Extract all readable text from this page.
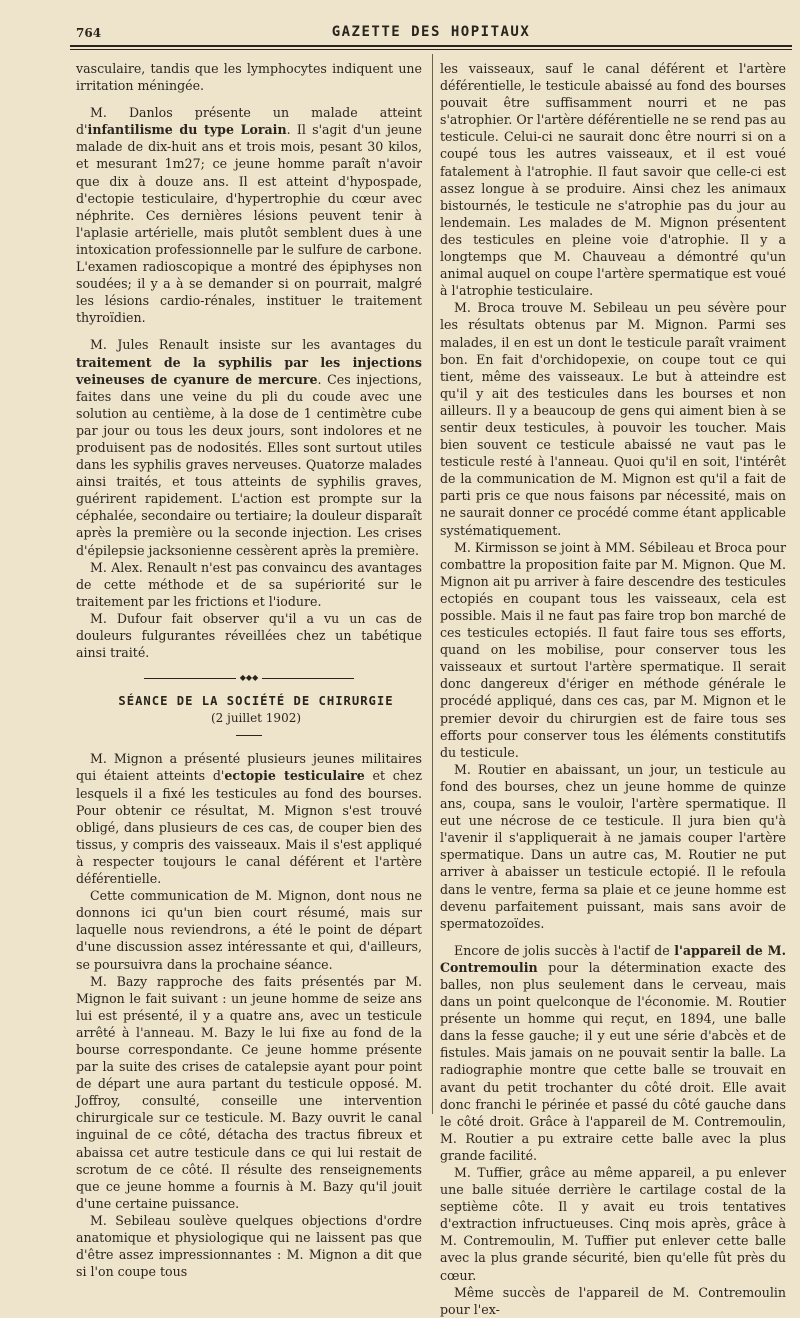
764	GAZETTE DES HOPITAUX

vasculaire, tandis que les lymphocytes indiquent une irritation méningée.

M. Danlos présente un malade atteint d'infantilisme du type Lorain. Il s'agit d'un jeune malade de dix-huit ans et trois mois, pesant 30 kilos, et mesurant 1m27; ce jeune homme paraît n'avoir que dix à douze ans. Il est atteint d'hypospade, d'ectopie testiculaire, d'hypertrophie du cœur avec néphrite. Ces dernières lésions peuvent tenir à l'aplasie artérielle, mais plutôt semblent dues à une intoxication professionnelle par le sulfure de carbone. L'examen radioscopique a montré des épiphyses non soudées; il y a à se demander si on pourrait, malgré les lésions cardio-rénales, instituer le traitement thyroïdien.

M. Jules Renault insiste sur les avantages du traitement de la syphilis par les injections veineuses de cyanure de mercure. Ces injections, faites dans une veine du pli du coude avec une solution au centième, à la dose de 1 centimètre cube par jour ou tous les deux jours, sont indolores et ne produisent pas de nodosités. Elles sont surtout utiles dans les syphilis graves nerveuses. Quatorze malades ainsi traités, et tous atteints de syphilis graves, guérirent rapidement. L'action est prompte sur la céphalée, secondaire ou tertiaire; la douleur disparaît après la première ou la seconde injection. Les crises d'épilepsie jacksonienne cessèrent après la première.

M. Alex. Renault n'est pas convaincu des avantages de cette méthode et de sa supériorité sur le traitement par les frictions et l'iodure.

M. Dufour fait observer qu'il a vu un cas de douleurs fulgurantes réveillées chez un tabétique ainsi traité.

◆◆◆

SÉANCE DE LA SOCIÉTÉ DE CHIRURGIE

(2 juillet 1902)

M. Mignon a présenté plusieurs jeunes militaires qui étaient atteints d'ectopie testiculaire et chez lesquels il a fixé les testicules au fond des bourses. Pour obtenir ce résultat, M. Mignon s'est trouvé obligé, dans plusieurs de ces cas, de couper bien des tissus, y compris des vaisseaux. Mais il s'est appliqué à respecter toujours le canal déférent et l'artère déférentielle.

Cette communication de M. Mignon, dont nous ne donnons ici qu'un bien court résumé, mais sur laquelle nous reviendrons, a été le point de départ d'une discussion assez intéressante et qui, d'ailleurs, se poursuivra dans la prochaine séance.

M. Bazy rapproche des faits présentés par M. Mignon le fait suivant : un jeune homme de seize ans lui est présenté, il y a quatre ans, avec un testicule arrêté à l'anneau. M. Bazy le lui fixe au fond de la bourse correspondante. Ce jeune homme présente par la suite des crises de catalepsie ayant pour point de départ une aura partant du testicule opposé. M. Joffroy, consulté, conseille une intervention chirurgicale sur ce testicule. M. Bazy ouvrit le canal inguinal de ce côté, détacha des tractus fibreux et abaissa cet autre testicule dans ce qui lui restait de scrotum de ce côté. Il résulte des renseignements que ce jeune homme a fournis à M. Bazy qu'il jouit d'une certaine puissance.

M. Sebileau soulève quelques objections d'ordre anatomique et physiologique qui ne laissent pas que d'être assez impressionnantes : M. Mignon a dit que si l'on coupe tous

les vaisseaux, sauf le canal déférent et l'artère déférentielle, le testicule abaissé au fond des bourses pouvait être suffisamment nourri et ne pas s'atrophier. Or l'artère déférentielle ne se rend pas au testicule. Celui-ci ne saurait donc être nourri si on a coupé tous les autres vaisseaux, et il est voué fatalement à l'atrophie. Il faut savoir que celle-ci est assez longue à se produire. Ainsi chez les animaux bistournés, le testicule ne s'atrophie pas du jour au lendemain. Les malades de M. Mignon présentent des testicules en pleine voie d'atrophie. Il y a longtemps que M. Chauveau a démontré qu'un animal auquel on coupe l'artère spermatique est voué à l'atrophie testiculaire.

M. Broca trouve M. Sebileau un peu sévère pour les résultats obtenus par M. Mignon. Parmi ses malades, il en est un dont le testicule paraît vraiment bon. En fait d'orchidopexie, on coupe tout ce qui tient, même des vaisseaux. Le but à atteindre est qu'il y ait des testicules dans les bourses et non ailleurs. Il y a beaucoup de gens qui aiment bien à se sentir deux testicules, à pouvoir les toucher. Mais bien souvent ce testicule abaissé ne vaut pas le testicule resté à l'anneau. Quoi qu'il en soit, l'intérêt de la communication de M. Mignon est qu'il a fait de parti pris ce que nous faisons par nécessité, mais on ne saurait donner ce procédé comme étant applicable systématiquement.

M. Kirmisson se joint à MM. Sébileau et Broca pour combattre la proposition faite par M. Mignon. Que M. Mignon ait pu arriver à faire descendre des testicules ectopiés en coupant tous les vaisseaux, cela est possible. Mais il ne faut pas faire trop bon marché de ces testicules ectopiés. Il faut faire tous ses efforts, quand on les mobilise, pour conserver tous les vaisseaux et surtout l'artère spermatique. Il serait donc dangereux d'ériger en méthode générale le procédé appliqué, dans ces cas, par M. Mignon et le premier devoir du chirurgien est de faire tous ses efforts pour conserver tous les éléments constitutifs du testicule.

M. Routier en abaissant, un jour, un testicule au fond des bourses, chez un jeune homme de quinze ans, coupa, sans le vouloir, l'artère spermatique. Il eut une nécrose de ce testicule. Il jura bien qu'à l'avenir il s'appliquerait à ne jamais couper l'artère spermatique. Dans un autre cas, M. Routier ne put arriver à abaisser un testicule ectopié. Il le refoula dans le ventre, ferma sa plaie et ce jeune homme est devenu parfaitement puissant, mais sans avoir de spermatozoïdes.

Encore de jolis succès à l'actif de l'appareil de M. Contremoulin pour la détermination exacte des balles, non plus seulement dans le cerveau, mais dans un point quelconque de l'économie. M. Routier présente un homme qui reçut, en 1894, une balle dans la fesse gauche; il y eut une série d'abcès et de fistules. Mais jamais on ne pouvait sentir la balle. La radiographie montre que cette balle se trouvait en avant du petit trochanter du côté droit. Elle avait donc franchi le périnée et passé du côté gauche dans le côté droit. Grâce à l'appareil de M. Contremoulin, M. Routier a pu extraire cette balle avec la plus grande facilité.

M. Tuffier, grâce au même appareil, a pu enlever une balle située derrière le cartilage costal de la septième côte. Il y avait eu trois tentatives d'extraction infructueuses. Cinq mois après, grâce à M. Contremoulin, M. Tuffier put enlever cette balle avec la plus grande sécurité, bien qu'elle fût près du cœur.

Même succès de l'appareil de M. Contremoulin pour l'ex-
